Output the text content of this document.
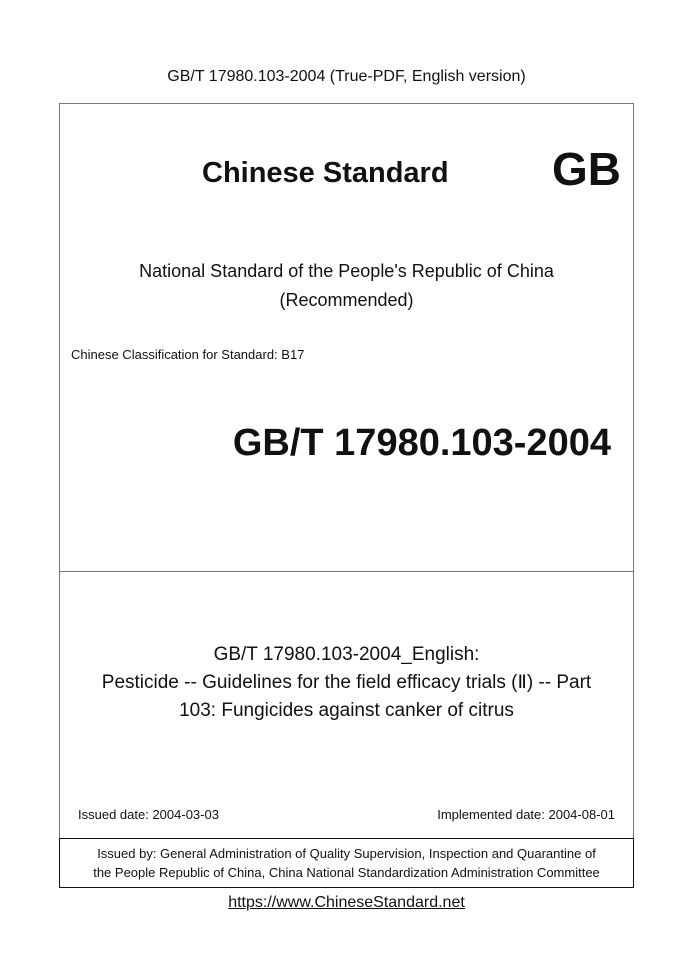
GB/T 17980.103-2004 (True-PDF, English version)
Chinese Standard GB
National Standard of the People's Republic of China
(Recommended)
Chinese Classification for Standard: B17
GB/T 17980.103-2004
GB/T 17980.103-2004_English:
Pesticide -- Guidelines for the field efficacy trials (Ⅱ) -- Part
103: Fungicides against canker of citrus
Issued date: 2004-03-03	Implemented date: 2004-08-01
Issued by: General Administration of Quality Supervision, Inspection and Quarantine of
the People Republic of China, China National Standardization Administration Committee
https://www.ChineseStandard.net
